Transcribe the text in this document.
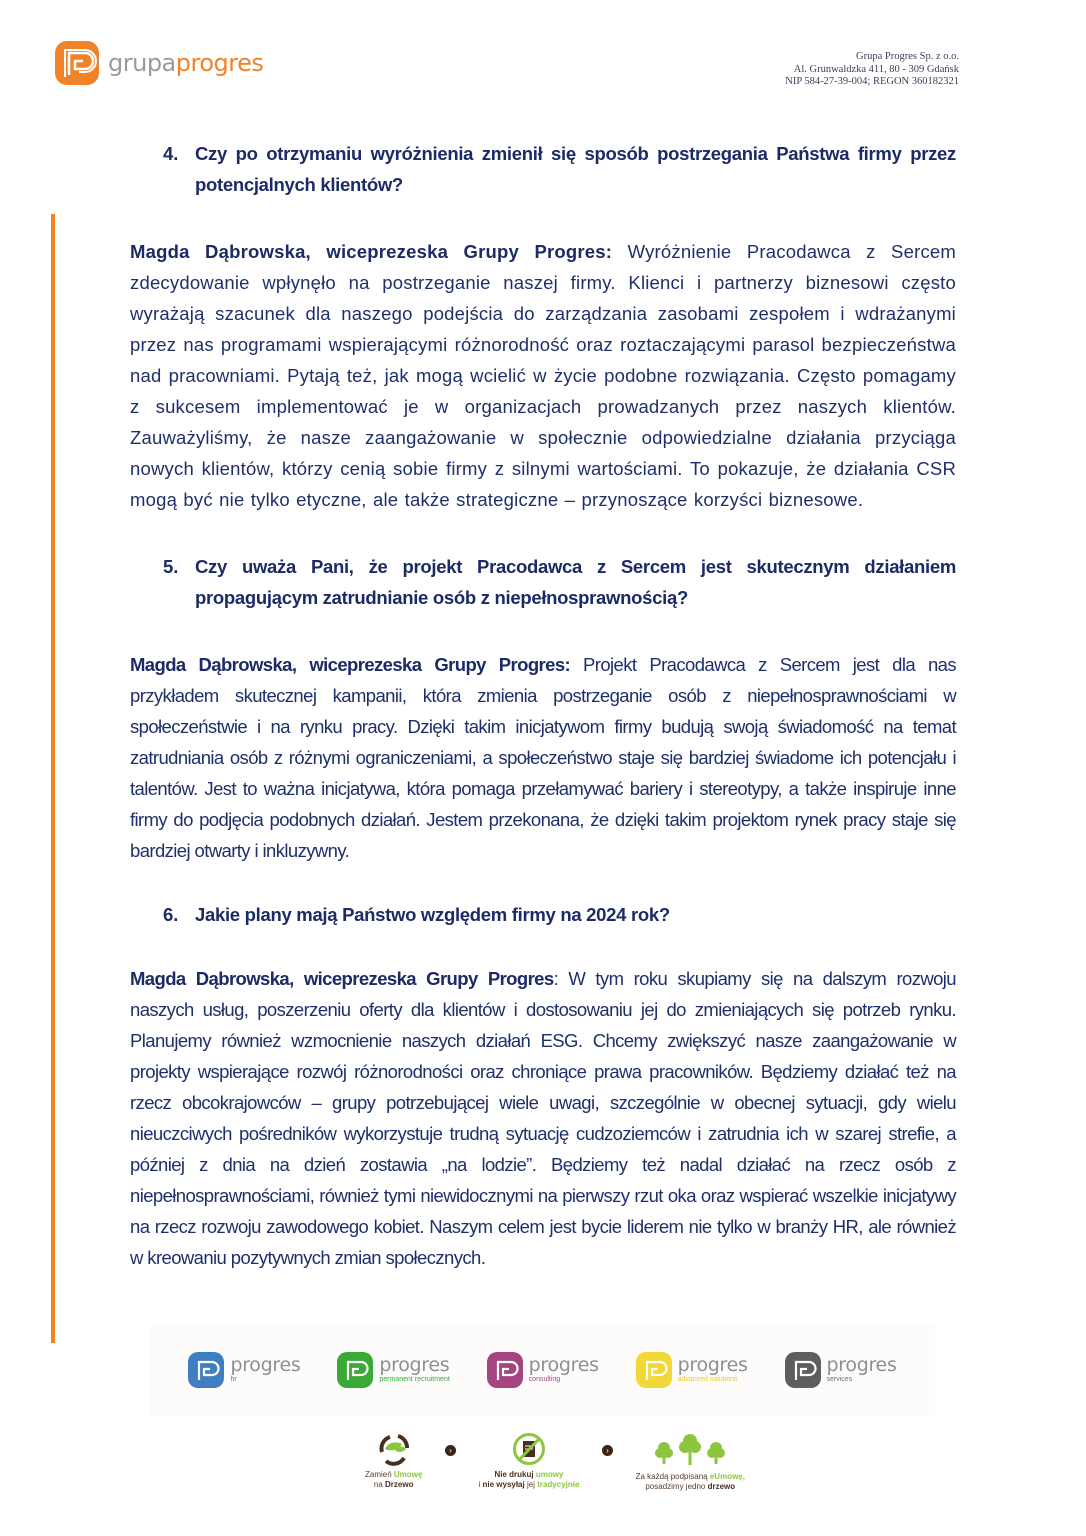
grupaprogres	Grupa Progres Sp. z o.o.
Al. Grunwaldzka 411, 80 - 309 Gdańsk
NIP 584-27-39-004; REGON 360182321
4. Czy po otrzymaniu wyróżnienia zmienił się sposób postrzegania Państwa firmy przez potencjalnych klientów?
Magda Dąbrowska, wiceprezeska Grupy Progres: Wyróżnienie Pracodawca z Sercem zdecydowanie wpłynęło na postrzeganie naszej firmy. Klienci i partnerzy biznesowi często wyrażają szacunek dla naszego podejścia do zarządzania zasobami zespołem i wdrażanymi przez nas programami wspierającymi różnorodność oraz roztaczającymi parasol bezpieczeństwa nad pracowniami. Pytają też, jak mogą wcielić w życie podobne rozwiązania. Często pomagamy z sukcesem implementować je w organizacjach prowadzanych przez naszych klientów. Zauważyliśmy, że nasze zaangażowanie w społecznie odpowiedzialne działania przyciąga nowych klientów, którzy cenią sobie firmy z silnymi wartościami. To pokazuje, że działania CSR mogą być nie tylko etyczne, ale także strategiczne – przynoszące korzyści biznesowe.
5. Czy uważa Pani, że projekt Pracodawca z Sercem jest skutecznym działaniem propagującym zatrudnianie osób z niepełnosprawnością?
Magda Dąbrowska, wiceprezeska Grupy Progres: Projekt Pracodawca z Sercem jest dla nas przykładem skutecznej kampanii, która zmienia postrzeganie osób z niepełnosprawnościami w społeczeństwie i na rynku pracy. Dzięki takim inicjatywom firmy budują swoją świadomość na temat zatrudniania osób z różnymi ograniczeniami, a społeczeństwo staje się bardziej świadome ich potencjału i talentów. Jest to ważna inicjatywa, która pomaga przełamywać bariery i stereotypy, a także inspiruje inne firmy do podjęcia podobnych działań. Jestem przekonana, że dzięki takim projektom rynek pracy staje się bardziej otwarty i inkluzywny.
6. Jakie plany mają Państwo względem firmy na 2024 rok?
Magda Dąbrowska, wiceprezeska Grupy Progres: W tym roku skupiamy się na dalszym rozwoju naszych usług, poszerzeniu oferty dla klientów i dostosowaniu jej do zmieniających się potrzeb rynku. Planujemy również wzmocnienie naszych działań ESG. Chcemy zwiększyć nasze zaangażowanie w projekty wspierające rozwój różnorodności oraz chroniące prawa pracowników. Będziemy działać też na rzecz obcokrajowców – grupy potrzebującej wiele uwagi, szczególnie w obecnej sytuacji, gdy wielu nieuczciwych pośredników wykorzystuje trudną sytuację cudzoziemców i zatrudnia ich w szarej strefie, a później z dnia na dzień zostawia „na lodzie”. Będziemy też nadal działać na rzecz osób z niepełnosprawnościami, również tymi niewidocznymi na pierwszy rzut oka oraz wspierać wszelkie inicjatywy na rzecz rozwoju zawodowego kobiet. Naszym celem jest bycie liderem nie tylko w branży HR, ale również w kreowaniu pozytywnych zmian społecznych.
progres
hr
progres
permanent recruitment
progres
consulting
progres
advanced solutions
progres
services
Zamień Umowę
na Drzewo
›
Nie drukuj umowy
i nie wysyłaj jej tradycyjnie
›
Za każdą podpisaną eUmowę,
posadzimy jedno drzewo
